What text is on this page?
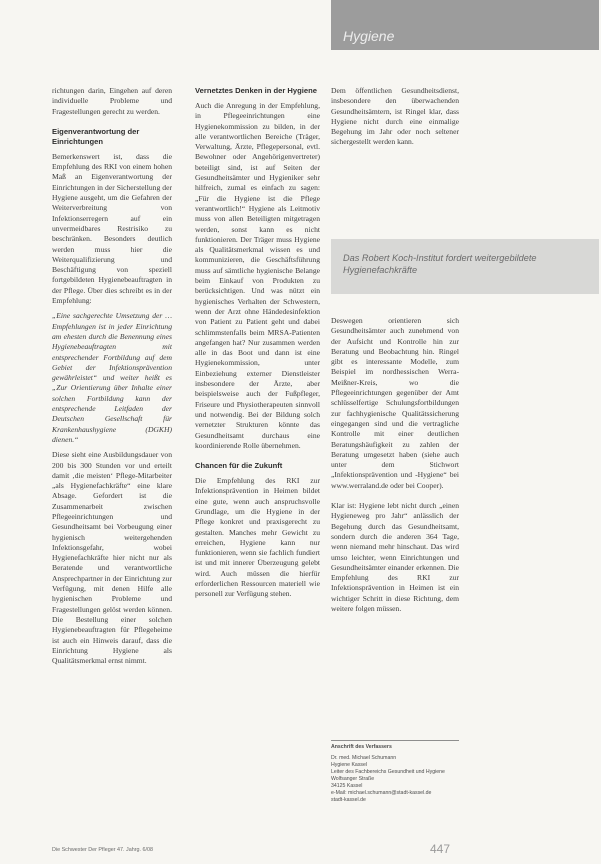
Hygiene

richtungen darin, Eingehen auf deren individuelle Probleme und Fragestellungen gerecht zu werden.

Eigenverantwortung der Einrichtungen

Bemerkenswert ist, dass die Empfehlung des RKI von einem hohen Maß an Eigenverantwortung der Einrichtungen in der Sicherstellung der Hygiene ausgeht, um die Gefahren der Weiterverbreitung von Infektionserregern auf ein unvermeidbares Restrisiko zu beschränken. Besonders deutlich werden muss hier die Weiterqualifizierung und Beschäftigung von speziell fortgebildeten Hygienebeauftragten in der Pflege. Über dies schreibt es in der Empfehlung:

„Eine sachgerechte Umsetzung der … Empfehlungen ist in jeder Einrichtung am ehesten durch die Benennung eines Hygienebeauftragten mit entsprechender Fortbildung auf dem Gebiet der Infektionsprävention gewährleistet“ und weiter heißt es „Zur Orientierung über Inhalte einer solchen Fortbildung kann der entsprechende Leitfaden der Deutschen Gesellschaft für Krankenhaushygiene (DGKH) dienen.“

Diese sieht eine Ausbildungsdauer von 200 bis 300 Stunden vor und erteilt damit ‚die meisten‘ Pflege-Mitarbeiter „als Hygienefachkräfte“ eine klare Absage. Gefordert ist die Zusammenarbeit zwischen Pflegeeinrichtungen und Gesundheitsamt bei Vorbeugung einer hygienisch weitergehenden Infektionsgefahr, wobei Hygienefachkräfte hier nicht nur als Beratende und verantwortliche Ansprechpartner in der Einrichtung zur Verfügung, mit denen Hilfe alle hygienischen Probleme und Fragestellungen gelöst werden können. Die Bestellung einer solchen Hygienebeauftragten für Pflegeheime ist auch ein Hinweis darauf, dass die Einrichtung Hygiene als Qualitätsmerkmal ernst nimmt.

Vernetztes Denken in der Hygiene

Auch die Anregung in der Empfehlung, in Pflegeeinrichtungen eine Hygienekommission zu bilden, in der alle verantwortlichen Bereiche (Träger, Verwaltung, Ärzte, Pflegepersonal, evtl. Bewohner oder Angehörigenvertreter) beteiligt sind, ist auf Seiten der Gesundheitsämter und Hygieniker sehr hilfreich, zumal es einfach zu sagen: „Für die Hygiene ist die Pflege verantwortlich!“ Hygiene als Leitmotiv muss von allen Beteiligten mitgetragen werden, sonst kann es nicht funktionieren. Der Träger muss Hygiene als Qualitätsmerkmal wissen es und kommunizieren, die Geschäftsführung muss auf sämtliche hygienische Belange beim Einkauf von Produkten zu berücksichtigen. Und was nützt ein hygienisches Verhalten der Schwestern, wenn der Arzt ohne Händedesinfektion von Patient zu Patient geht und dabei schlimmstenfalls beim MRSA-Patienten angefangen hat? Nur zusammen werden alle in das Boot und dann ist eine Hygienekommission, unter Einbeziehung externer Dienstleister insbesondere der Ärzte, aber beispielsweise auch der Fußpfleger, Friseure und Physiotherapeuten sinnvoll und notwendig. Bei der Bildung solch vernetzter Strukturen könnte das Gesundheitsamt durchaus eine koordinierende Rolle übernehmen.

Chancen für die Zukunft

Die Empfehlung des RKI zur Infektionsprävention in Heimen bildet eine gute, wenn auch anspruchsvolle Grundlage, um die Hygiene in der Pflege konkret und praxisgerecht zu gestalten. Manches mehr Gewicht zu erreichen, Hygiene kann nur funktionieren, wenn sie fachlich fundiert ist und mit innerer Überzeugung gelebt wird. Auch müssen die hierfür erforderlichen Ressourcen materiell wie personell zur Verfügung stehen.

Dem öffentlichen Gesundheitsdienst, insbesondere den überwachenden Gesundheitsämtern, ist Ringel klar, dass Hygiene nicht durch eine einmalige Begehung im Jahr oder noch seltener sichergestellt werden kann.

Das Robert Koch-Institut fordert weitergebildete Hygienefachkräfte

Deswegen orientieren sich Gesundheitsämter auch zunehmend von der Aufsicht und Kontrolle hin zur Beratung und Beobachtung hin. Ringel gibt es interessante Modelle, zum Beispiel im nordhessischen Werra-Meißner-Kreis, wo die Pflegeeinrichtungen gegenüber der Amt schlüsselfertige Schulungsfortbildungen zur fachhygienische Qualitätssicherung eingegangen sind und die vertragliche Kontrolle mit einer deutlichen Beratungshäufigkeit zu zahlen der Beratung umgesetzt haben (siehe auch unter dem Stichwort „Infektionsprävention und -Hygiene“ bei www.werraland.de oder bei Cooper).

Klar ist: Hygiene lebt nicht durch „einen Hygieneweg pro Jahr“ anlässlich der Begehung durch das Gesundheitsamt, sondern durch die anderen 364 Tage, wenn niemand mehr hinschaut. Das wird umso leichter, wenn Einrichtungen und Gesundheitsämter einander erkennen. Die Empfehlung des RKI zur Infektionsprävention in Heimen ist ein wichtiger Schritt in diese Richtung, dem weitere folgen müssen.

Anschrift des Verfassers
Dr. med. Michael Schumann
Hygiene Kassel
Leiter des Fachbereichs Gesundheit und Hygiene
Wolfsanger Straße
34125 Kassel
e-Mail: michael.schumann@stadt-kassel.de
stadt-kassel.de
Die Schwester Der Pfleger 47. Jahrg. 6/08	447
